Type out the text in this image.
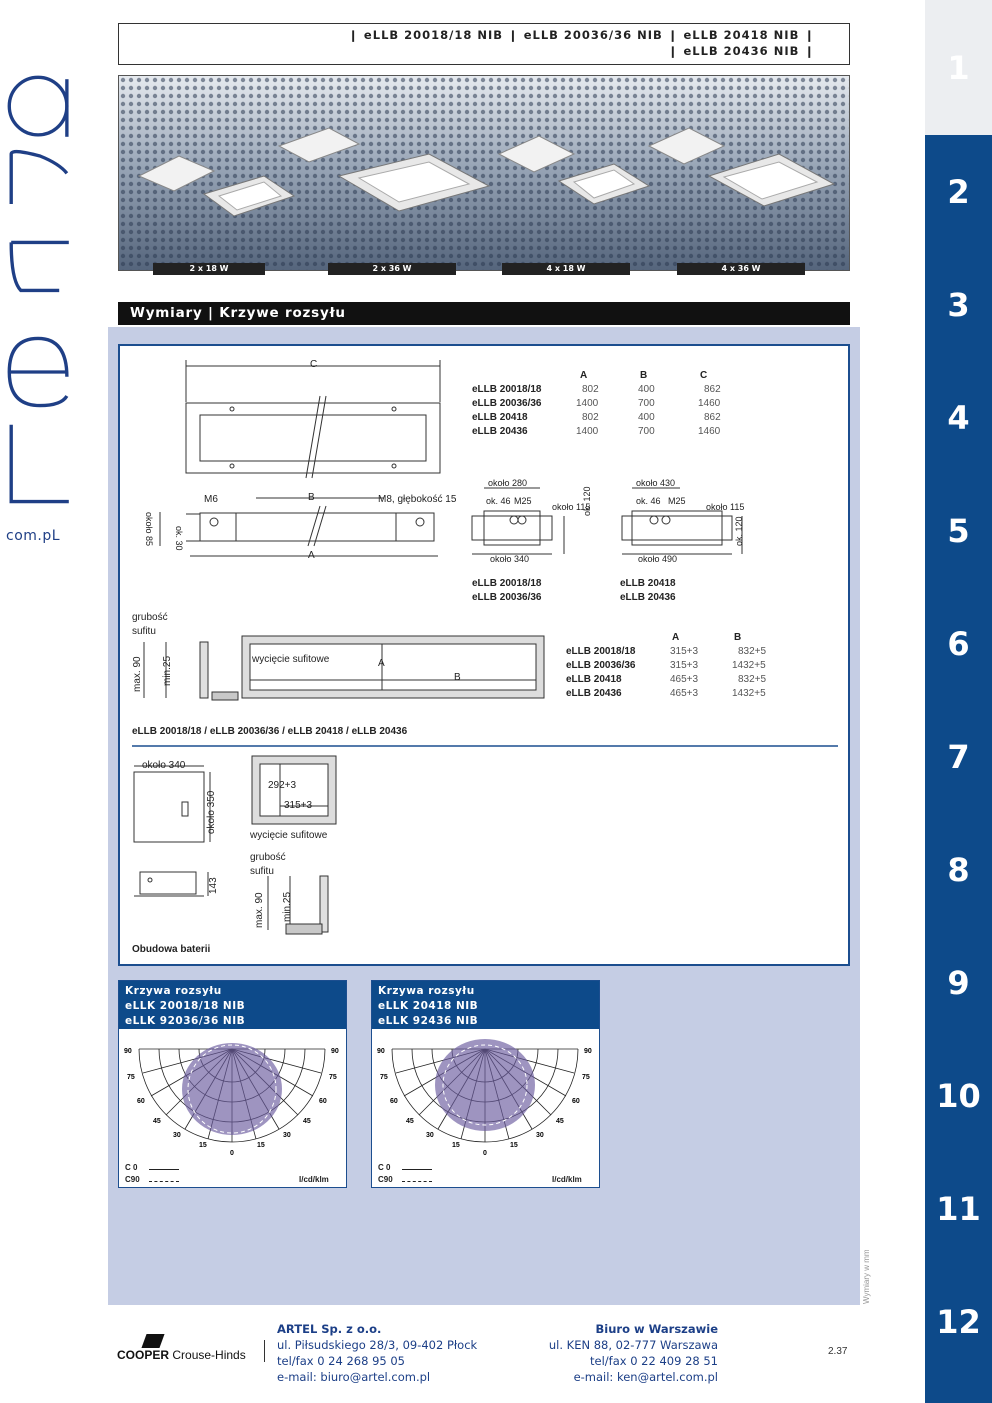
com.pL
1
2
3
4
5
6
7
8
9
10
11
12
❙ eLLB 20018/18 NIB ❙ eLLB 20036/36 NIB ❙ eLLB 20418 NIB ❙
❙ eLLB 20436 NIB ❙
2 x 18 W	2 x 36 W	4 x 18 W	4 x 36 W
Wymiary | Krzywe rozsyłu
C
A	B	C
eLLB 20018/18	802	400	862
eLLB 20036/36	1400	700	1460
eLLB 20418	802	400	862
eLLB 20436	1400	700	1460
M6	B	M8, głębokość 15
A
ok. 30
około 85
około 280
ok. 46 M25
około 115
ok. 120
około 340
eLLB 20018/18
eLLB 20036/36
około 430
ok. 46 M25
około 115
ok. 120
około 490
eLLB 20418
eLLB 20436
grubość
sufitu
max. 90 min.25	wycięcie sufitowe	A
B
A	B
eLLB 20018/18	315+3	832+5
eLLB 20036/36	315+3	1432+5
eLLB 20418	465+3	832+5
eLLB 20436	465+3	1432+5
eLLB 20018/18 / eLLB 20036/36 / eLLB 20418 / eLLB 20436
około 340
około 350
292+3
315+3
wycięcie sufitowe
143
grubość
sufitu
max. 90 min.25
Obudowa baterii
Krzywa rozsyłu
eLLK 20018/18 NIB
eLLK 92036/36 NIB
90	90
75	75
60	60
45	45
30	30
15	15
0
C 0
C90	I/cd/klm
Krzywa rozsyłu
eLLK 20418 NIB
eLLK 92436 NIB
90	90
75	75
60	60
45	45
30	30
15	15
0
C 0
C90	I/cd/klm
Wymiary w mm
COOPER Crouse-Hinds
ARTEL Sp. z o.o.
ul. Piłsudskiego 28/3, 09-402 Płock
tel/fax 0 24 268 95 05
e-mail: biuro@artel.com.pl
Biuro w Warszawie
ul. KEN 88, 02-777 Warszawa
tel/fax 0 22 409 28 51
e-mail: ken@artel.com.pl
2.37
